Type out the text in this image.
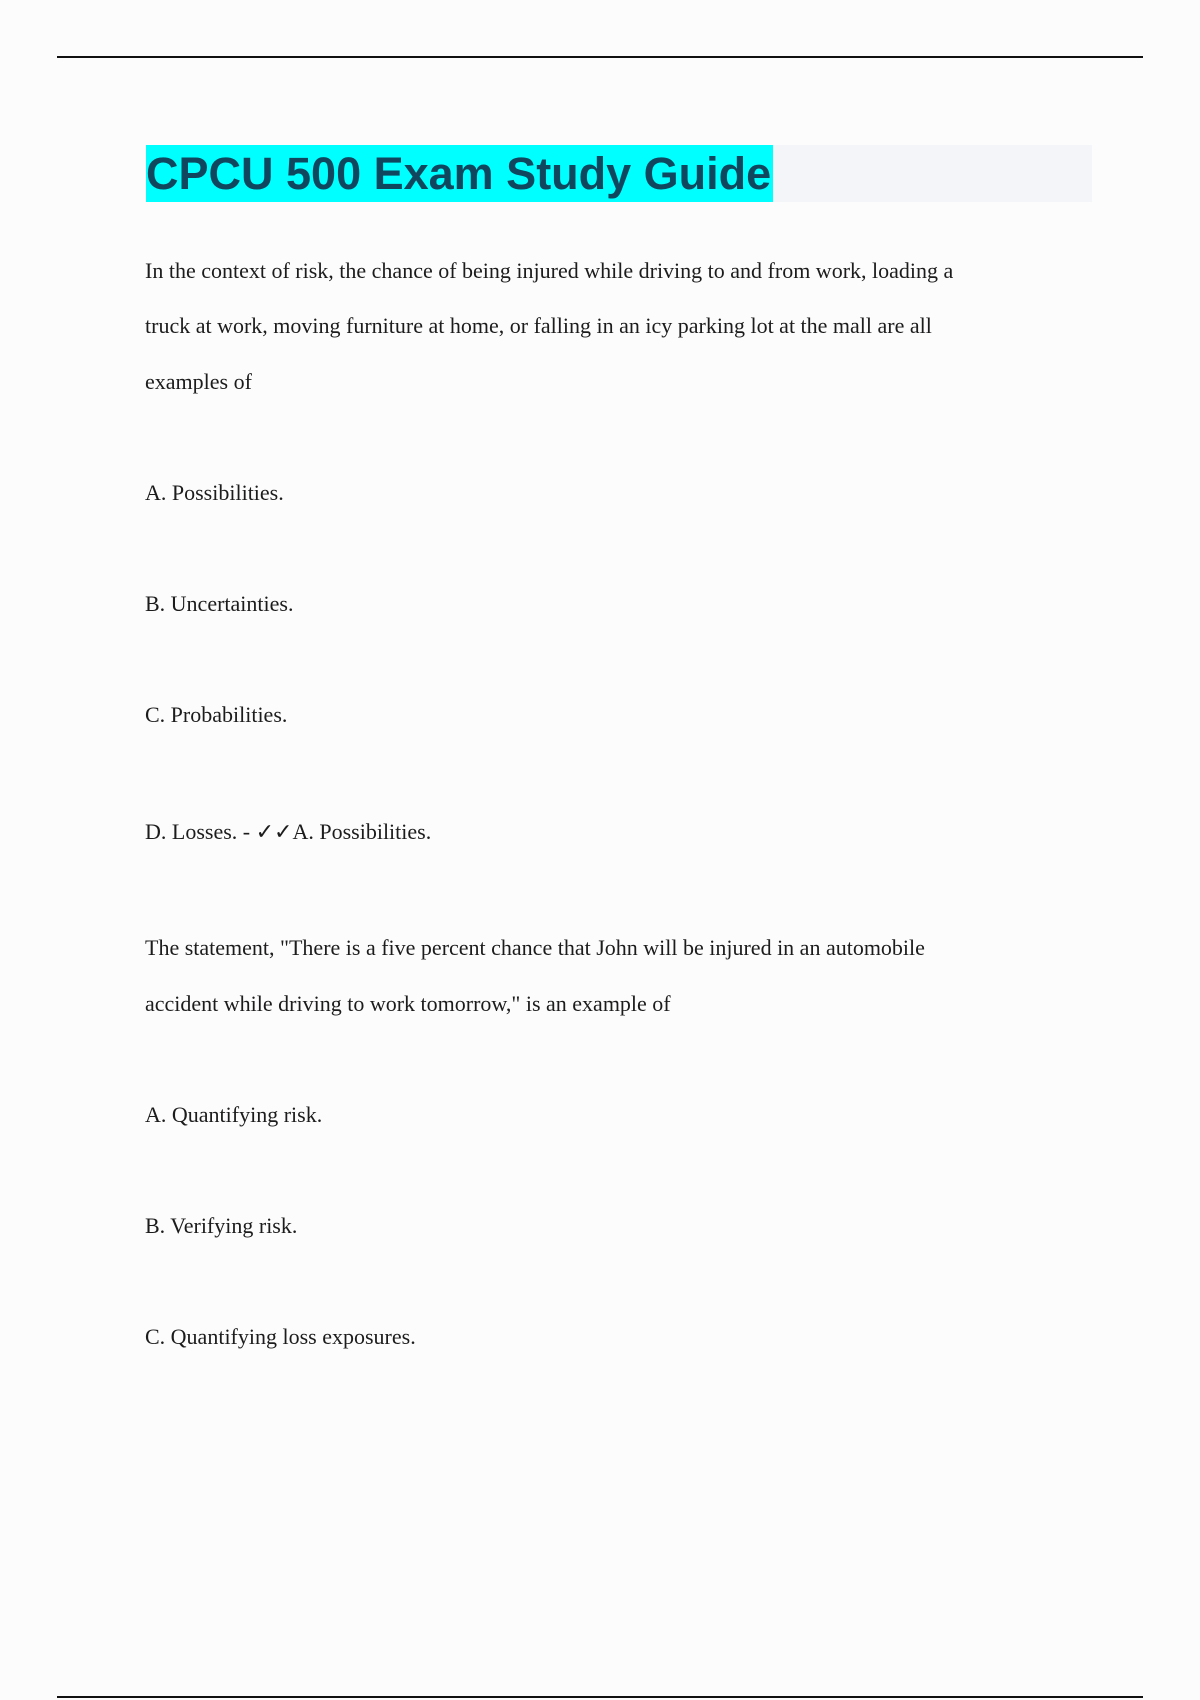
CPCU 500 Exam Study Guide

In the context of risk, the chance of being injured while driving to and from work, loading a

truck at work, moving furniture at home, or falling in an icy parking lot at the mall are all

examples of

A. Possibilities.

B. Uncertainties.

C. Probabilities.

D. Losses. - ✓✓A. Possibilities.

The statement, "There is a five percent chance that John will be injured in an automobile

accident while driving to work tomorrow," is an example of

A. Quantifying risk.

B. Verifying risk.

C. Quantifying loss exposures.
